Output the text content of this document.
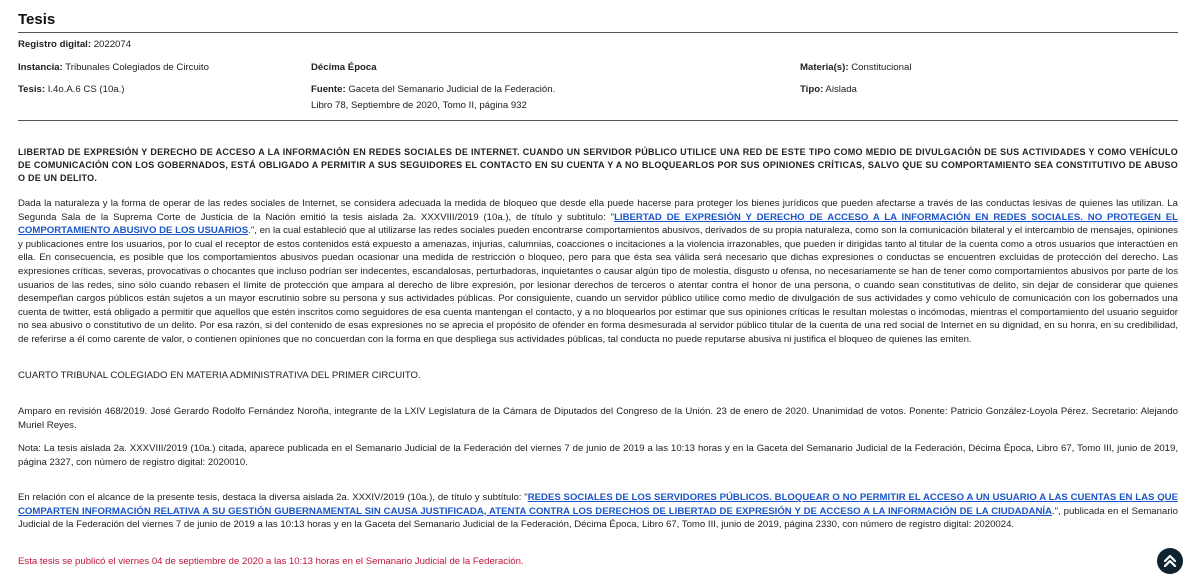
Tesis
Registro digital: 2022074
Instancia: Tribunales Colegiados de Circuito	Décima Época	Materia(s): Constitucional
Tesis: I.4o.A.6 CS (10a.)	Fuente: Gaceta del Semanario Judicial de la Federación.
Libro 78, Septiembre de 2020, Tomo II, página 932
Tipo: Aislada
LIBERTAD DE EXPRESIÓN Y DERECHO DE ACCESO A LA INFORMACIÓN EN REDES SOCIALES DE INTERNET. CUANDO UN SERVIDOR PÚBLICO UTILICE UNA RED DE ESTE TIPO COMO MEDIO DE DIVULGACIÓN DE SUS ACTIVIDADES Y COMO VEHÍCULO DE COMUNICACIÓN CON LOS GOBERNADOS, ESTÁ OBLIGADO A PERMITIR A SUS SEGUIDORES EL CONTACTO EN SU CUENTA Y A NO BLOQUEARLOS POR SUS OPINIONES CRÍTICAS, SALVO QUE SU COMPORTAMIENTO SEA CONSTITUTIVO DE ABUSO O DE UN DELITO.
Dada la naturaleza y la forma de operar de las redes sociales de Internet, se considera adecuada la medida de bloqueo que desde ella puede hacerse para proteger los bienes jurídicos que pueden afectarse a través de las conductas lesivas de quienes las utilizan. La Segunda Sala de la Suprema Corte de Justicia de la Nación emitió la tesis aislada 2a. XXXVIII/2019 (10a.), de título y subtítulo: "LIBERTAD DE EXPRESIÓN Y DERECHO DE ACCESO A LA INFORMACIÓN EN REDES SOCIALES. NO PROTEGEN EL COMPORTAMIENTO ABUSIVO DE LOS USUARIOS.", en la cual estableció que al utilizarse las redes sociales pueden encontrarse comportamientos abusivos, derivados de su propia naturaleza, como son la comunicación bilateral y el intercambio de mensajes, opiniones y publicaciones entre los usuarios, por lo cual el receptor de estos contenidos está expuesto a amenazas, injurias, calumnias, coacciones o incitaciones a la violencia irrazonables, que pueden ir dirigidas tanto al titular de la cuenta como a otros usuarios que interactúen en ella. En consecuencia, es posible que los comportamientos abusivos puedan ocasionar una medida de restricción o bloqueo, pero para que ésta sea válida será necesario que dichas expresiones o conductas se encuentren excluidas de protección del derecho. Las expresiones críticas, severas, provocativas o chocantes que incluso podrían ser indecentes, escandalosas, perturbadoras, inquietantes o causar algún tipo de molestia, disgusto u ofensa, no necesariamente se han de tener como comportamientos abusivos por parte de los usuarios de las redes, sino sólo cuando rebasen el límite de protección que ampara al derecho de libre expresión, por lesionar derechos de terceros o atentar contra el honor de una persona, o cuando sean constitutivas de delito, sin dejar de considerar que quienes desempeñan cargos públicos están sujetos a un mayor escrutinio sobre su persona y sus actividades públicas. Por consiguiente, cuando un servidor público utilice como medio de divulgación de sus actividades y como vehículo de comunicación con los gobernados una cuenta de twitter, está obligado a permitir que aquellos que estén inscritos como seguidores de esa cuenta mantengan el contacto, y a no bloquearlos por estimar que sus opiniones críticas le resultan molestas o incómodas, mientras el comportamiento del usuario seguidor no sea abusivo o constitutivo de un delito. Por esa razón, si del contenido de esas expresiones no se aprecia el propósito de ofender en forma desmesurada al servidor público titular de la cuenta de una red social de Internet en su dignidad, en su honra, en su credibilidad, de referirse a él como carente de valor, o contienen opiniones que no concuerdan con la forma en que despliega sus actividades públicas, tal conducta no puede reputarse abusiva ni justifica el bloqueo de quienes las emiten.
CUARTO TRIBUNAL COLEGIADO EN MATERIA ADMINISTRATIVA DEL PRIMER CIRCUITO.
Amparo en revisión 468/2019. José Gerardo Rodolfo Fernández Noroña, integrante de la LXIV Legislatura de la Cámara de Diputados del Congreso de la Unión. 23 de enero de 2020. Unanimidad de votos. Ponente: Patricio González-Loyola Pérez. Secretario: Alejando Muriel Reyes.
Nota: La tesis aislada 2a. XXXVIII/2019 (10a.) citada, aparece publicada en el Semanario Judicial de la Federación del viernes 7 de junio de 2019 a las 10:13 horas y en la Gaceta del Semanario Judicial de la Federación, Décima Época, Libro 67, Tomo III, junio de 2019, página 2327, con número de registro digital: 2020010.
En relación con el alcance de la presente tesis, destaca la diversa aislada 2a. XXXIV/2019 (10a.), de título y subtítulo: "REDES SOCIALES DE LOS SERVIDORES PÚBLICOS. BLOQUEAR O NO PERMITIR EL ACCESO A UN USUARIO A LAS CUENTAS EN LAS QUE COMPARTEN INFORMACIÓN RELATIVA A SU GESTIÓN GUBERNAMENTAL SIN CAUSA JUSTIFICADA, ATENTA CONTRA LOS DERECHOS DE LIBERTAD DE EXPRESIÓN Y DE ACCESO A LA INFORMACIÓN DE LA CIUDADANÍA.", publicada en el Semanario Judicial de la Federación del viernes 7 de junio de 2019 a las 10:13 horas y en la Gaceta del Semanario Judicial de la Federación, Décima Época, Libro 67, Tomo III, junio de 2019, página 2330, con número de registro digital: 2020024.
Esta tesis se publicó el viernes 04 de septiembre de 2020 a las 10:13 horas en el Semanario Judicial de la Federación.
